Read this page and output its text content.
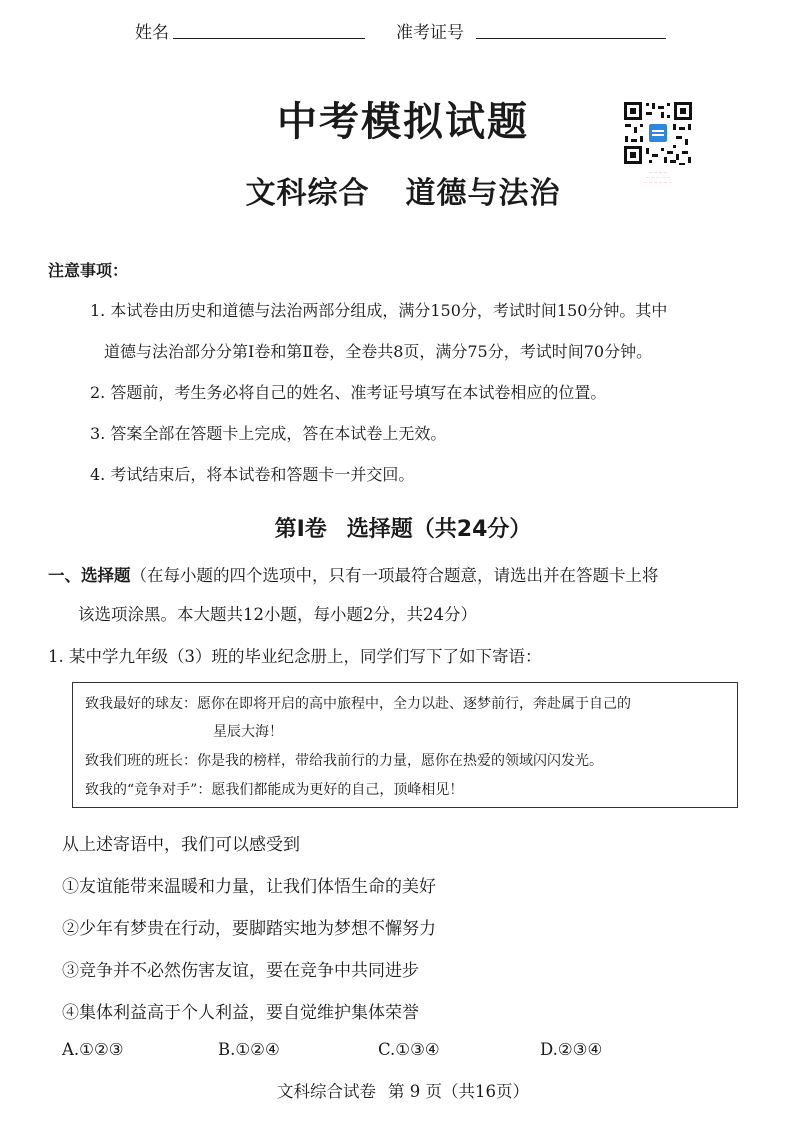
姓名	准考证号
中考模拟试题
文科综合 道德与法治
··· ··· ··· ···
··· ··· ··· ··· ···
··· ··· ··· ··· ··· ···
注意事项：
1. 本试卷由历史和道德与法治两部分组成，满分150分，考试时间150分钟。其中
道德与法治部分分第Ⅰ卷和第Ⅱ卷，全卷共8页，满分75分，考试时间70分钟。
2. 答题前，考生务必将自己的姓名、准考证号填写在本试卷相应的位置。
3. 答案全部在答题卡上完成，答在本试卷上无效。
4. 考试结束后，将本试卷和答题卡一并交回。
第Ⅰ卷 选择题（共24分）
一、选择题（在每小题的四个选项中，只有一项最符合题意，请选出并在答题卡上将
该选项涂黑。本大题共12小题，每小题2分，共24分）
1. 某中学九年级（3）班的毕业纪念册上，同学们写下了如下寄语：
致我最好的球友：愿你在即将开启的高中旅程中，全力以赴、逐梦前行，奔赴属于自己的
星辰大海！
致我们班的班长：你是我的榜样，带给我前行的力量，愿你在热爱的领域闪闪发光。
致我的“竞争对手”：愿我们都能成为更好的自己，顶峰相见！
从上述寄语中，我们可以感受到
①友谊能带来温暖和力量，让我们体悟生命的美好
②少年有梦贵在行动，要脚踏实地为梦想不懈努力
③竞争并不必然伤害友谊，要在竞争中共同进步
④集体利益高于个人利益，要自觉维护集体荣誉
A.①②③	B.①②④	C.①③④	D.②③④
文科综合试卷 第 9 页（共16页）
